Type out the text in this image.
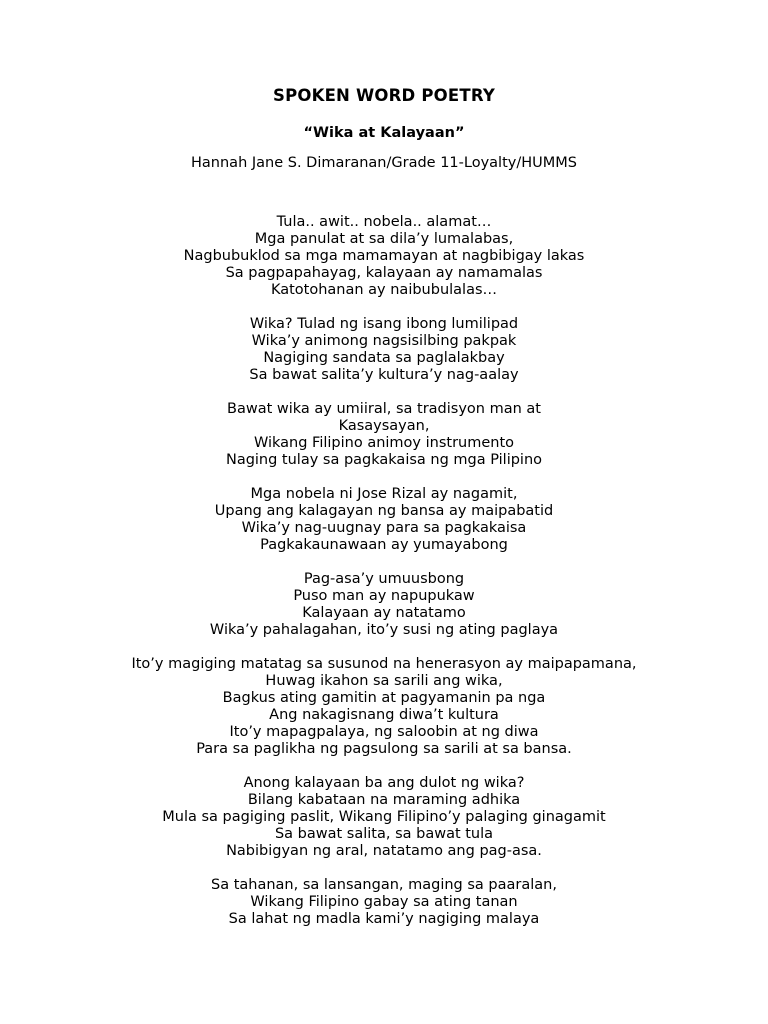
SPOKEN WORD POETRY
“Wika at Kalayaan”
Hannah Jane S. Dimaranan/Grade 11-Loyalty/HUMMS
Tula.. awit.. nobela.. alamat…
Mga panulat at sa dila’y lumalabas,
Nagbubuklod sa mga mamamayan at nagbibigay lakas
Sa pagpapahayag, kalayaan ay namamalas
Katotohanan ay naibubulalas…
Wika? Tulad ng isang ibong lumilipad
Wika’y animong nagsisilbing pakpak
Nagiging sandata sa paglalakbay
Sa bawat salita’y kultura’y nag-aalay
Bawat wika ay umiiral, sa tradisyon man at
Kasaysayan,
Wikang Filipino animoy instrumento
Naging tulay sa pagkakaisa ng mga Pilipino
Mga nobela ni Jose Rizal ay nagamit,
Upang ang kalagayan ng bansa ay maipabatid
Wika’y nag-uugnay para sa pagkakaisa
Pagkakaunawaan ay yumayabong
Pag-asa’y umuusbong
Puso man ay napupukaw
Kalayaan ay natatamo
Wika’y pahalagahan, ito’y susi ng ating paglaya
Ito’y magiging matatag sa susunod na henerasyon ay maipapamana,
Huwag ikahon sa sarili ang wika,
Bagkus ating gamitin at pagyamanin pa nga
Ang nakagisnang diwa’t kultura
Ito’y mapagpalaya, ng saloobin at ng diwa
Para sa paglikha ng pagsulong sa sarili at sa bansa.
Anong kalayaan ba ang dulot ng wika?
Bilang kabataan na maraming adhika
Mula sa pagiging paslit, Wikang Filipino’y palaging ginagamit
Sa bawat salita, sa bawat tula
Nabibigyan ng aral, natatamo ang pag-asa.
Sa tahanan, sa lansangan, maging sa paaralan,
Wikang Filipino gabay sa ating tanan
Sa lahat ng madla kami’y nagiging malaya
